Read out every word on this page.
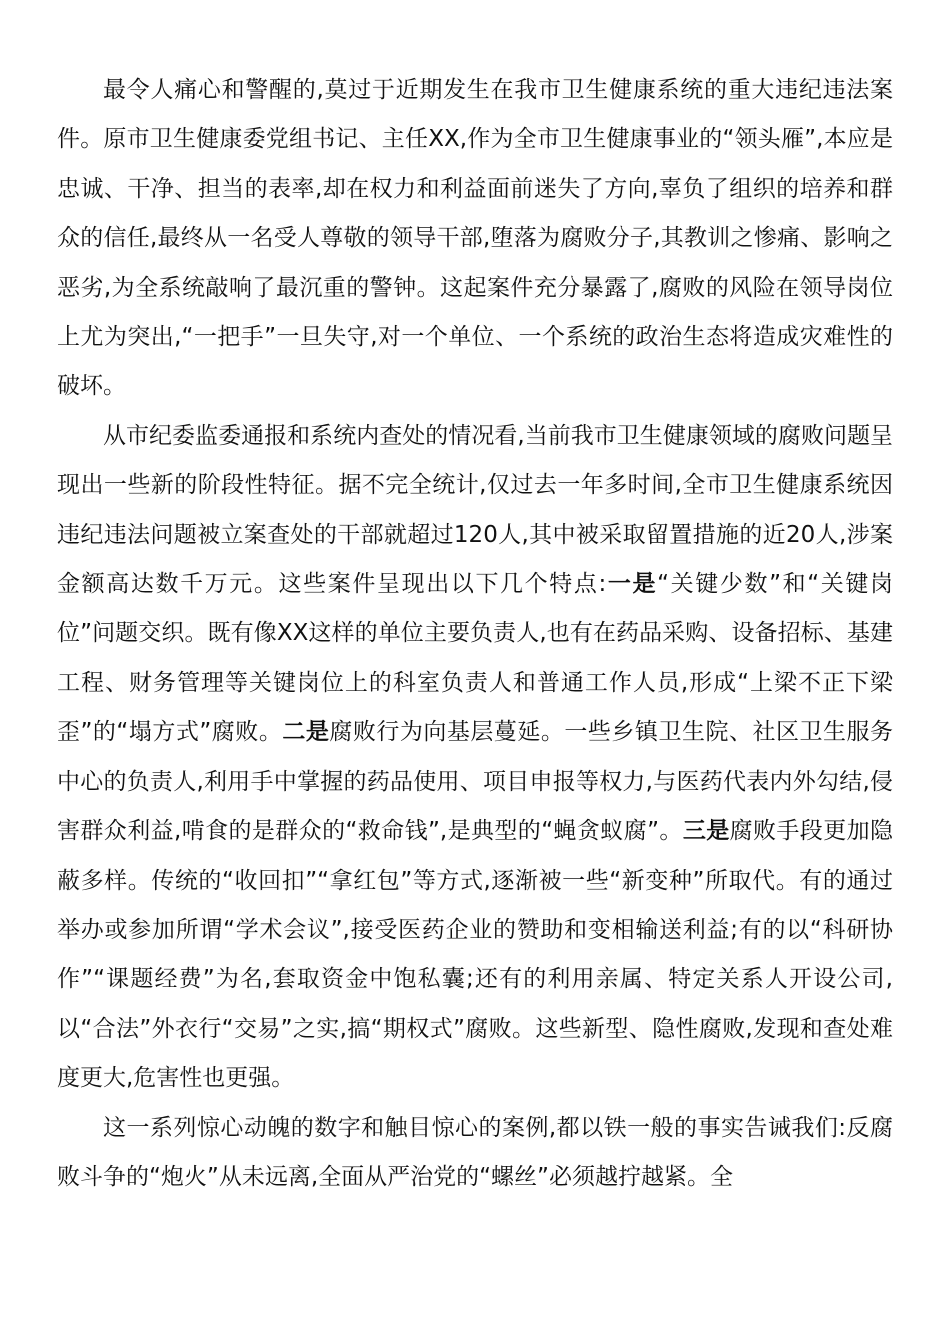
最令人痛心和警醒的,莫过于近期发生在我市卫生健康系统的重大违纪违法案件。原市卫生健康委党组书记、主任XX,作为全市卫生健康事业的“领头雁”,本应是忠诚、干净、担当的表率,却在权力和利益面前迷失了方向,辜负了组织的培养和群众的信任,最终从一名受人尊敬的领导干部,堕落为腐败分子,其教训之惨痛、影响之恶劣,为全系统敲响了最沉重的警钟。这起案件充分暴露了,腐败的风险在领导岗位上尤为突出,“一把手”一旦失守,对一个单位、一个系统的政治生态将造成灾难性的破坏。

从市纪委监委通报和系统内查处的情况看,当前我市卫生健康领域的腐败问题呈现出一些新的阶段性特征。据不完全统计,仅过去一年多时间,全市卫生健康系统因违纪违法问题被立案查处的干部就超过120人,其中被采取留置措施的近20人,涉案金额高达数千万元。这些案件呈现出以下几个特点:一是“关键少数”和“关键岗位”问题交织。既有像XX这样的单位主要负责人,也有在药品采购、设备招标、基建工程、财务管理等关键岗位上的科室负责人和普通工作人员,形成“上梁不正下梁歪”的“塌方式”腐败。二是腐败行为向基层蔓延。一些乡镇卫生院、社区卫生服务中心的负责人,利用手中掌握的药品使用、项目申报等权力,与医药代表内外勾结,侵害群众利益,啃食的是群众的“救命钱”,是典型的“蝇贪蚁腐”。三是腐败手段更加隐蔽多样。传统的“收回扣”“拿红包”等方式,逐渐被一些“新变种”所取代。有的通过举办或参加所谓“学术会议”,接受医药企业的赞助和变相输送利益;有的以“科研协作”“课题经费”为名,套取资金中饱私囊;还有的利用亲属、特定关系人开设公司,以“合法”外衣行“交易”之实,搞“期权式”腐败。这些新型、隐性腐败,发现和查处难度更大,危害性也更强。

这一系列惊心动魄的数字和触目惊心的案例,都以铁一般的事实告诫我们:反腐败斗争的“炮火”从未远离,全面从严治党的“螺丝”必须越拧越紧。全
